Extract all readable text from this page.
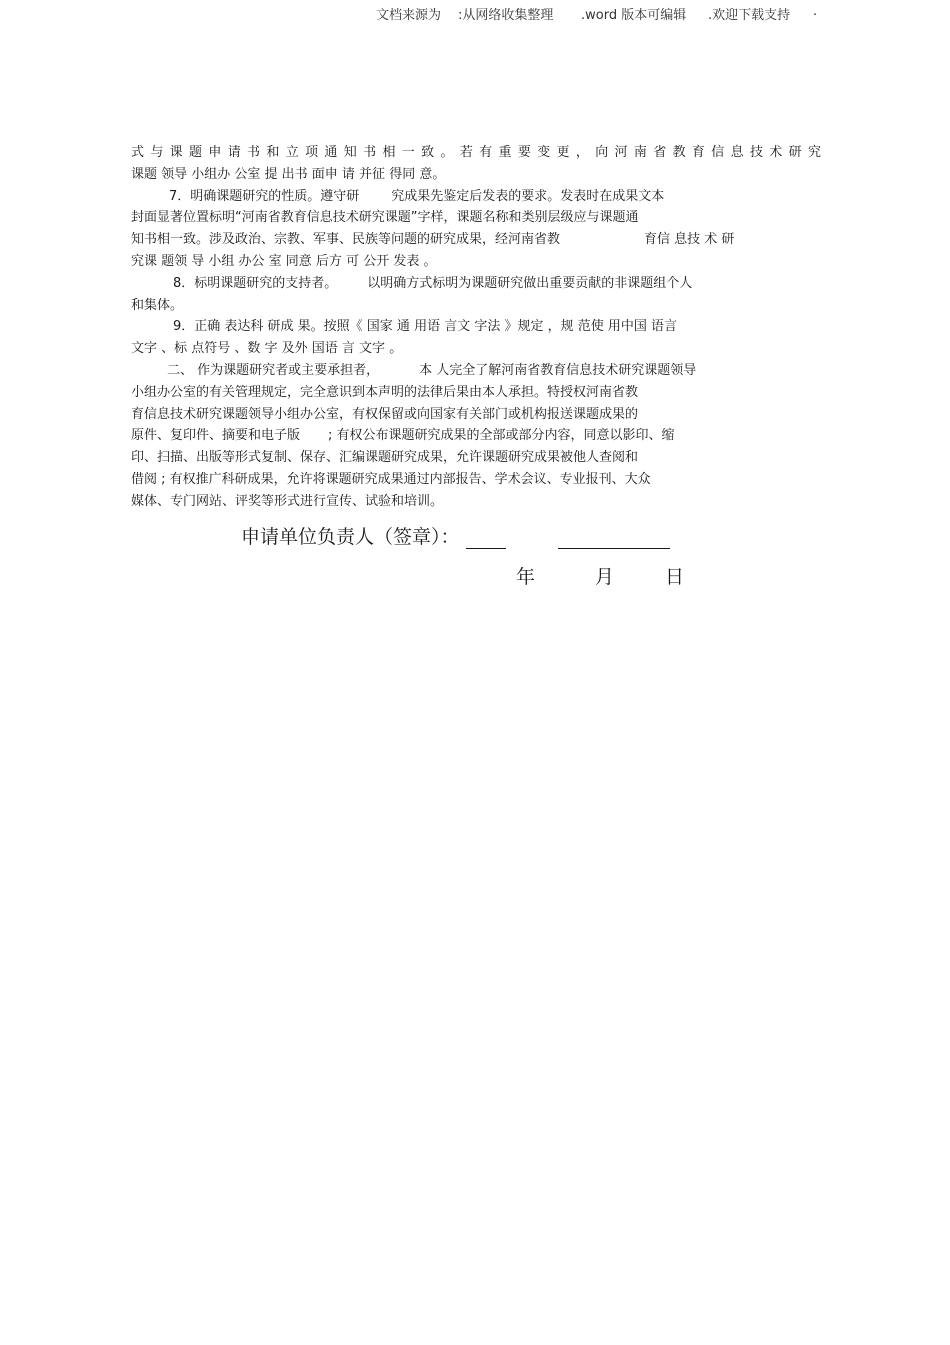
文档来源为 :从网络收集整理 .word 版本可编辑 .欢迎下载支持 .
式与课题申请书和立项通知书相一致。若有重要变更，向河南省教育信息技术研究
课题 领导 小组办 公室 提 出书 面申 请 并征 得同 意。
7．明确课题研究的性质。遵守研 究成果先鉴定后发表的要求。发表时在成果文本
封面显著位置标明“河南省教育信息技术研究课题”字样，课题名称和类别层级应与课题通
知书相一致。涉及政治、宗教、军事、民族等问题的研究成果，经河南省教	育信 息技 术 研
究课 题领 导 小组 办公 室 同意 后方 可 公开 发表 。
8．标明课题研究的支持者。 以明确方式标明为课题研究做出重要贡献的非课题组个人
和集体。
9．正确 表达科 研成 果。按照《 国家 通 用语 言文 字法 》规定 ，规 范使 用中国 语言
文字 、标 点符号 、数 字 及外 国语 言 文字 。
二、 作为课题研究者或主要承担者，	本 人完全了解河南省教育信息技术研究课题领导
小组办公室的有关管理规定，完全意识到本声明的法律后果由本人承担。特授权河南省教
育信息技术研究课题领导小组办公室，有权保留或向国家有关部门或机构报送课题成果的
原件、复印件、摘要和电子版 ; 有权公布课题研究成果的全部或部分内容，同意以影印、缩
印、扫描、出版等形式复制、保存、汇编课题研究成果，允许课题研究成果被他人查阅和
借阅 ; 有权推广科研成果，允许将课题研究成果通过内部报告、学术会议、专业报刊、大众
媒体、专门网站、评奖等形式进行宣传、试验和培训。
申请单位负责人（签章）：
年	月	日
